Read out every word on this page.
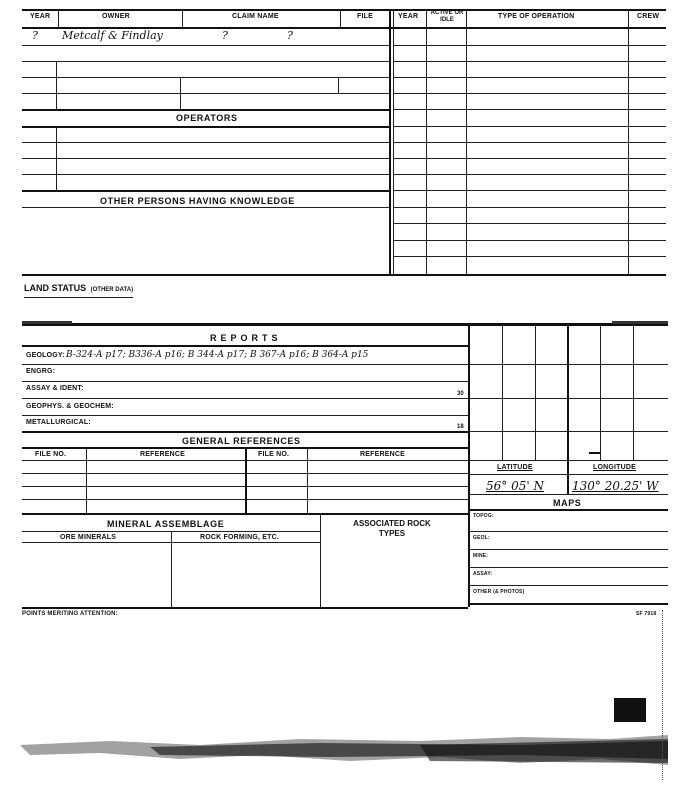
YEAR	OWNER	CLAIM NAME	FILE	YEAR	ACTIVE OR IDLE	TYPE OF OPERATION	CREW
? Metcalf & Findlay	?	?
OPERATORS
OTHER PERSONS HAVING KNOWLEDGE
LAND STATUS (OTHER DATA)
REPORTS
GEOLOGY: B-324-A p17; B336-A p16; B 344-A p17; B 367-A p16; B 364-A p15
ENGRG:
ASSAY & IDENT:
30
GEOPHYS. & GEOCHEM:
METALLURGICAL:
18
GENERAL REFERENCES
FILE NO.	REFERENCE	FILE NO.	REFERENCE
MINERAL ASSEMBLAGE
ORE MINERALS	ROCK FORMING, ETC.
ASSOCIATED ROCK TYPES
LATITUDE	LONGITUDE
56° 05' N 130° 20.25' W
MAPS
TOPOG:
GEOL:
MINE:
ASSAY:
OTHER (& PHOTOS)
POINTS MERITING ATTENTION:	SF 7918
